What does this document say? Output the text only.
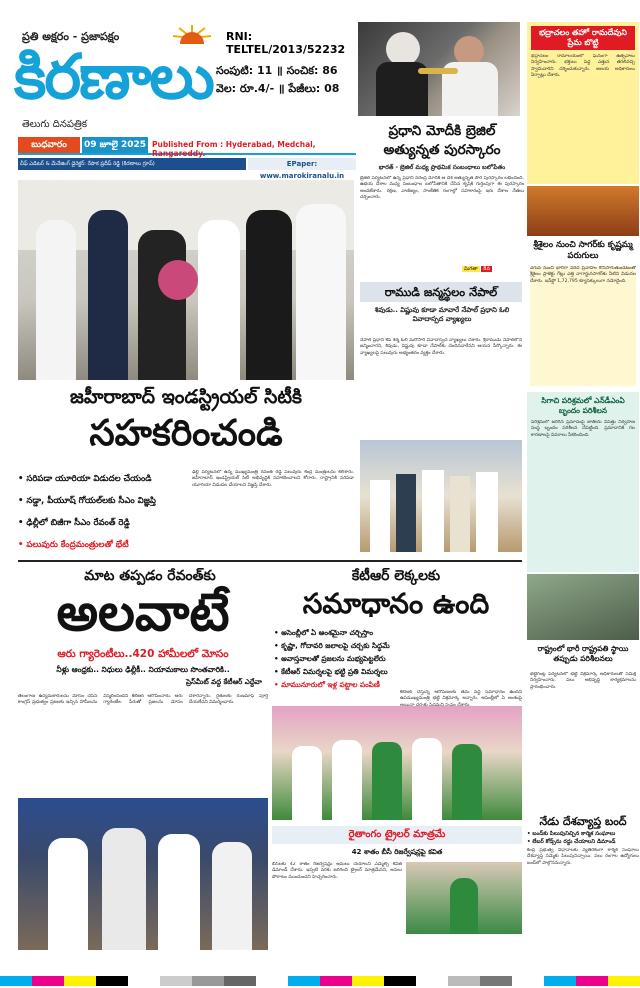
ప్రతి అక్షరం - ప్రజాపక్షం
కిరణాలు
తెలుగు దినపత్రిక
RNI: TELTEL/2013/52232
సంపుటి: 11 ॥ సంచిక: 86
వెల: రూ.4/- ॥ పేజీలు: 08
బుధవారం	09 జూలై 2025 Published From : Hyderabad, Medchal, Rangareddy.
చీఫ్ ఎడిటర్ & మేనేజింగ్ డైరెక్టర్: రేపాక ప్రదీప్ రెడ్డి (కిరణాలు గ్రూప్)	EPaper: www.marokiranalu.in
ప్రధాని మోదీకి బ్రెజిల్
అత్యున్నత పురస్కారం
భారత్ - బ్రెజిల్ మధ్య ప్రాథమిక సంబంధాలు బలోపేతం
బ్రెజిల్ పర్యటనలో ఉన్న ప్రధాని నరేంద్ర మోదీకి ఆ దేశ అత్యున్నత పౌర పురస్కారం లభించింది. ఉభయ దేశాల మధ్య సంబంధాల బలోపేతానికి చేసిన కృషికి గుర్తింపుగా ఈ పురస్కారం అందజేశారు. రక్షణ, వాణిజ్యం, సాంకేతిక రంగాల్లో సహకారంపై ఇరు దేశాల నేతలు చర్చించారు.
మిగతా 8వ
రాముడి జన్మస్థలం నేపాల్
శివుడు.. విష్ణువు కూడా మావారే నేపాల్ ప్రధాని ఓలి వివాదాస్పద వ్యాఖ్యలు
నేపాల్ ప్రధాని కేపీ శర్మ ఓలి మరోసారి వివాదాస్పద వ్యాఖ్యలు చేశారు. శ్రీరాముడు నేపాల్‌లోనే జన్మించారని, శివుడు, విష్ణువు కూడా నేపాల్‌కు చెందినవారేనని ఆయన పేర్కొన్నారు. ఈ వ్యాఖ్యలపై పలువురు అభ్యంతరం వ్యక్తం చేశారు.
భద్రాచలం తహో రామదేవుని ప్రేమ బొట్టి
భద్రాచలం రామాలయంలో ఘనంగా ఉత్సవాలు నిర్వహించారు. భక్తులు పెద్ద ఎత్తున తరలివచ్చి స్వామివారిని దర్శించుకున్నారు. ఆలయ అధికారులు ఏర్పాట్లు చేశారు.
శ్రీశైలం నుంచి సాగర్‌కు కృష్ణమ్మ పరుగులు
ఎగువ నుంచి భారీగా వరద ప్రవాహం కొనసాగుతుండటంతో శ్రీశైలం ప్రాజెక్టు గేట్లు ఎత్తి నాగార్జునసాగర్‌కు నీటిని విడుదల చేశారు. ఇన్‌ఫ్లో 1,72,795 క్యూసెక్కులుగా నమోదైంది.
సిగాచి పరిశ్రమలో ఎన్‌డీఎంఏ బృందం పరిశీలన
పరిశ్రమలో జరిగిన ప్రమాదంపై జాతీయ విపత్తు నిర్వహణ సంస్థ బృందం పరిశీలన చేపట్టింది. ప్రమాదానికి గల కారణాలపై వివరాలు సేకరించింది.
రాష్ట్రంలో భారీ రాష్ట్రపతి స్థాయి తప్పుడు పరిశీలనలు
భట్టిగంట్ల పర్యటనలో భట్టి విక్రమార్క అధికారులతో సమీక్ష నిర్వహించారు. పలు అభివృద్ధి కార్యక్రమాలను ప్రారంభించారు.
నేడు దేశవ్యాప్త బంద్
• బంద్‌కు పిలుపునిచ్చిన కార్మిక సంఘాలు
• లేబర్ కోడ్స్‌ను రద్దు చేయాలని డిమాండ్
కేంద్ర ప్రభుత్వ విధానాలకు వ్యతిరేకంగా కార్మిక సంఘాలు దేశవ్యాప్త సమ్మెకు పిలుపునిచ్చాయి. పలు రంగాల ఉద్యోగులు బంద్‌లో పాల్గొననున్నారు.
జహీరాబాద్ ఇండస్ట్రియల్ సిటీకి
సహకరించండి
• సరిపడా యూరియా విడుదల చేయండి
• నడ్డా, పీయూష్ గోయల్‌లకు సీఎం విజ్ఞప్తి
• ఢిల్లీలో బిజీగా సీఎం రేవంత్ రెడ్డి
• పలువురు కేంద్రమంత్రులతో భేటీ
ఢిల్లీ పర్యటనలో ఉన్న ముఖ్యమంత్రి రేవంత్ రెడ్డి పలువురు కేంద్ర మంత్రులను కలిశారు. జహీరాబాద్ ఇండస్ట్రియల్ సిటీ అభివృద్ధికి సహకరించాలని కోరారు. రాష్ట్రానికి సరిపడా యూరియా విడుదల చేయాలని విజ్ఞప్తి చేశారు.
మాట తప్పడం రేవంత్‌కు
అలవాటే
ఆరు గ్యారెంటీలు..420 హామీలలో మోసం
నీళ్లు ఆంధ్రకు.. నిధులు ఢిల్లీకీ.. నియామకాలు సొంతవారికి..
ప్రెస్‌మీట్ వద్ద కేటీఆర్ ఎద్దేవా
తెలంగాణ ఉద్యమకారులను మోసం చేసిన కాంగ్రెస్ ప్రభుత్వం ప్రజలకు ఇచ్చిన హామీలను విస్మరించిందని కేటీఆర్ ఆరోపించారు. ఆరు గ్యారెంటీల పేరుతో ప్రజలను మోసం చేశారన్నారు. రైతులకు రుణమాఫీ పూర్తి చేయలేదని విమర్శించారు.
కేటీఆర్ లెక్కలకు
సమాధానం ఉంది
• అసెంబ్లీలో ఏ అంశమైనా చర్చిస్తాం
• కృష్ణా, గోదావరి జలాలపై చర్చకు సిద్ధమే
• అవాస్తవాలతో ప్రజలను మభ్యపెట్టలేరు
• కేటీఆర్ విమర్శలపై భట్టి ప్రతి విమర్శలు
• మామునూరులో ఇళ్ల పట్టాల పంపిణీ
కేటీఆర్ చేస్తున్న ఆరోపణలకు తమ వద్ద సమాధానం ఉందని ఉపముఖ్యమంత్రి భట్టి విక్రమార్క అన్నారు. అసెంబ్లీలో ఏ అంశంపై
రైతాంగం ట్రైలర్ మాత్రమే
42 శాతం బీసీ రిజర్వేషన్లపై కవిత
బీసీలకు 42 శాతం రిజర్వేషన్లు అమలు చేయాలని ఎమ్మెల్సీ కవిత డిమాండ్ చేశారు. ఇప్పటి వరకు జరిగింది ట్రైలర్ మాత్రమేనని, అసలు పోరాటం ముందుందని హెచ్చరించారు.
